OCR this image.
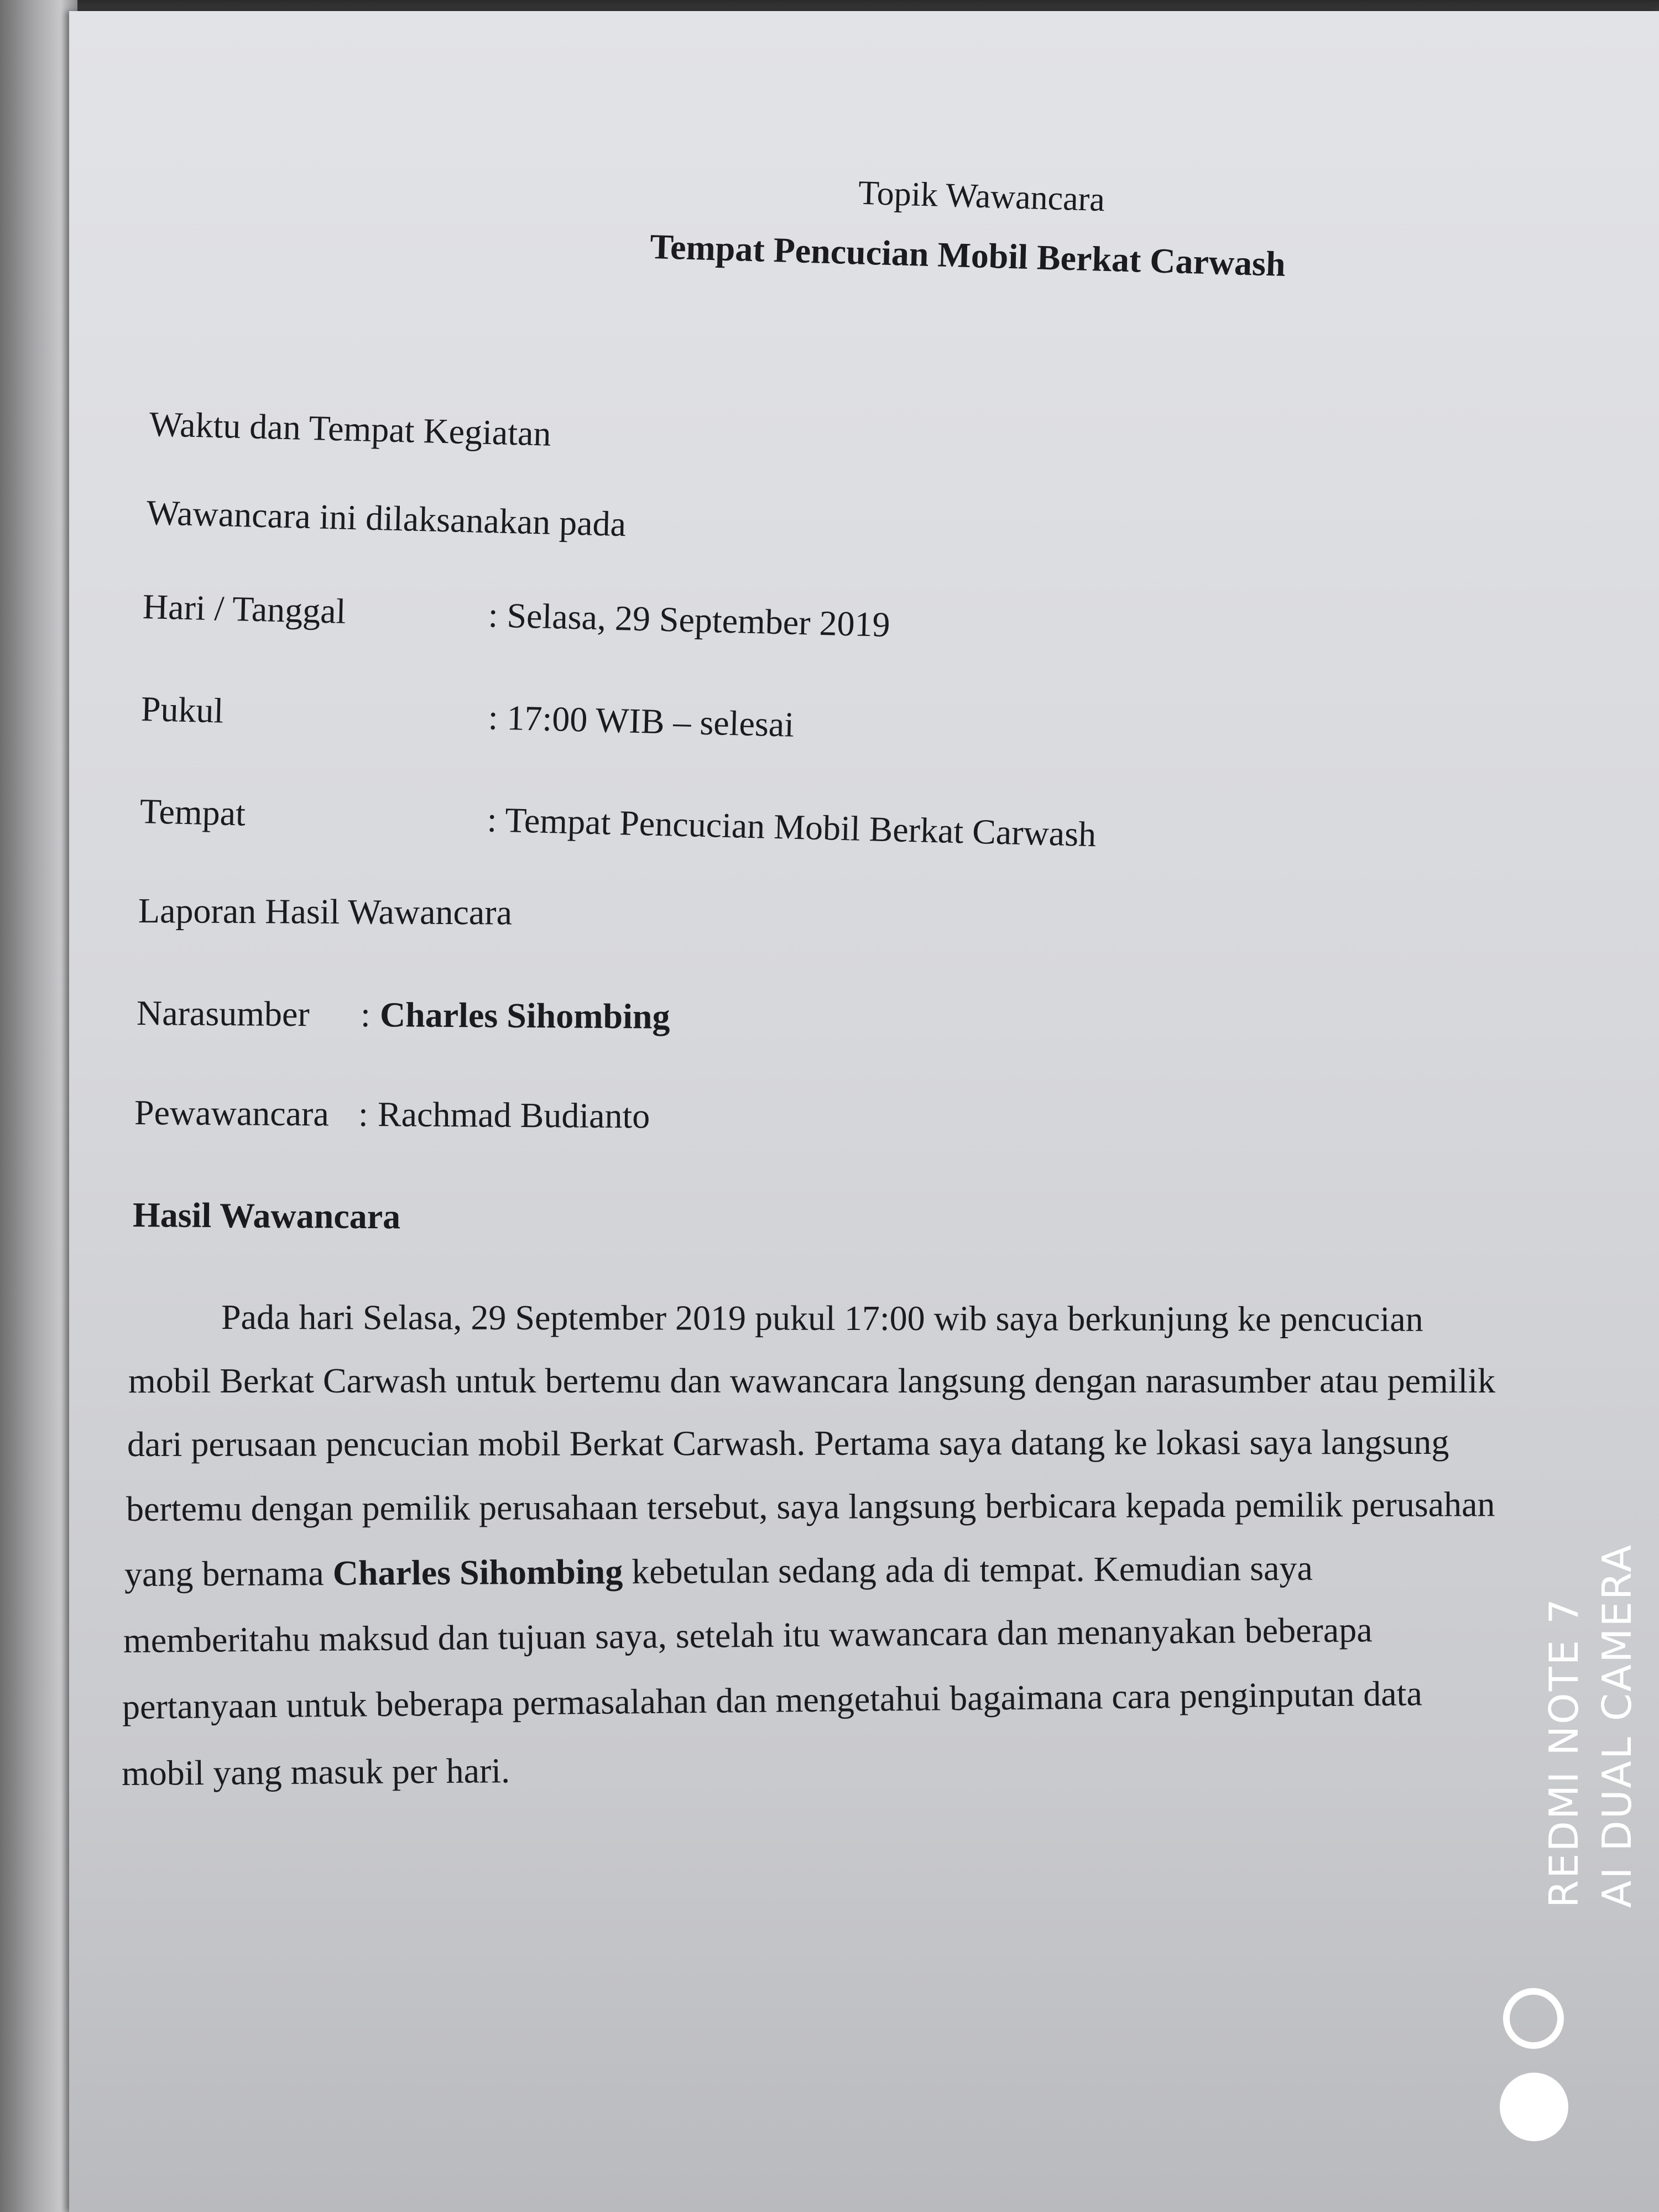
Topik Wawancara
Tempat Pencucian Mobil Berkat Carwash
Waktu dan Tempat Kegiatan
Wawancara ini dilaksanakan pada
Hari / Tanggal	: Selasa, 29 September 2019
Pukul	: 17:00 WIB – selesai
Tempat	: Tempat Pencucian Mobil Berkat Carwash
Laporan Hasil Wawancara
Narasumber : Charles Sihombing
Pewawancara : Rachmad Budianto
Hasil Wawancara
Pada hari Selasa, 29 September 2019 pukul 17:00 wib saya berkunjung ke pencucian
mobil Berkat Carwash untuk bertemu dan wawancara langsung dengan narasumber atau pemilik
dari perusaan pencucian mobil Berkat Carwash. Pertama saya datang ke lokasi saya langsung
bertemu dengan pemilik perusahaan tersebut, saya langsung berbicara kepada pemilik perusahan
yang bernama Charles Sihombing kebetulan sedang ada di tempat. Kemudian saya
memberitahu maksud dan tujuan saya, setelah itu wawancara dan menanyakan beberapa
pertanyaan untuk beberapa permasalahan dan mengetahui bagaimana cara penginputan data
mobil yang masuk per hari.	REDMI NOTE 7 AI DUAL CAMERA
